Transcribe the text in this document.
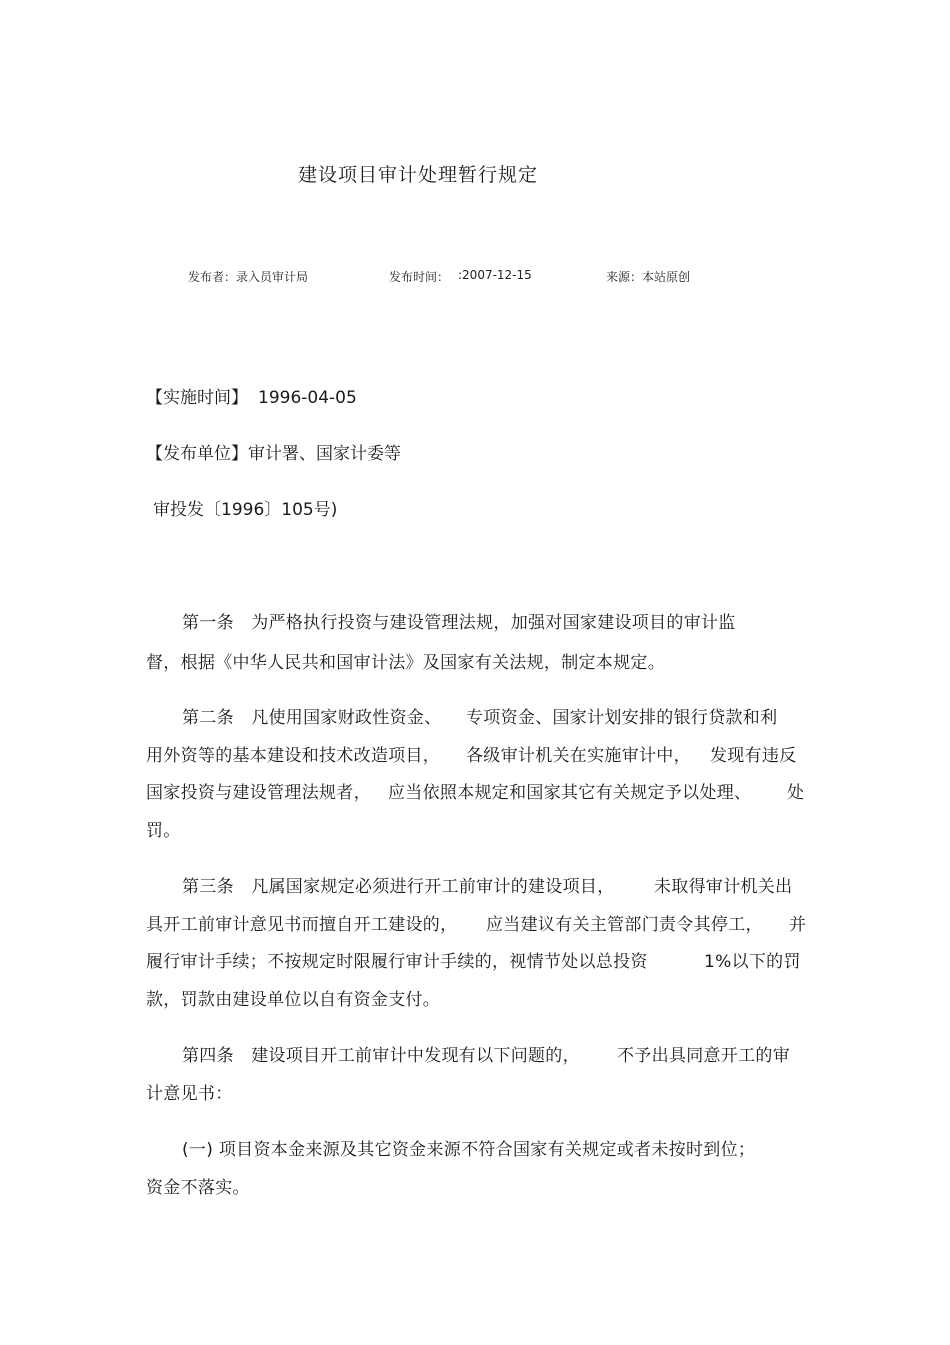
建设项目审计处理暂行规定
发布者：录入员审计局	发布时间： :2007-12-15	来源：本站原创
【实施时间】 1996-04-05
【发布单位】审计署、国家计委等
审投发〔1996〕105号)
第一条　为严格执行投资与建设管理法规，加强对国家建设项目的审计监
督，根据《中华人民共和国审计法》及国家有关法规，制定本规定。
第二条　凡使用国家财政性资金、 专项资金、国家计划安排的银行贷款和利
用外资等的基本建设和技术改造项目， 各级审计机关在实施审计中， 发现有违反
国家投资与建设管理法规者， 应当依照本规定和国家其它有关规定予以处理、 处
罚。
第三条　凡属国家规定必须进行开工前审计的建设项目， 未取得审计机关出
具开工前审计意见书而擅自开工建设的， 应当建议有关主管部门责令其停工， 并
履行审计手续；不按规定时限履行审计手续的，视情节处以总投资	1%以下的罚
款，罚款由建设单位以自有资金支付。
第四条　建设项目开工前审计中发现有以下问题的， 不予出具同意开工的审
计意见书：
(一) 项目资本金来源及其它资金来源不符合国家有关规定或者未按时到位；
资金不落实。
